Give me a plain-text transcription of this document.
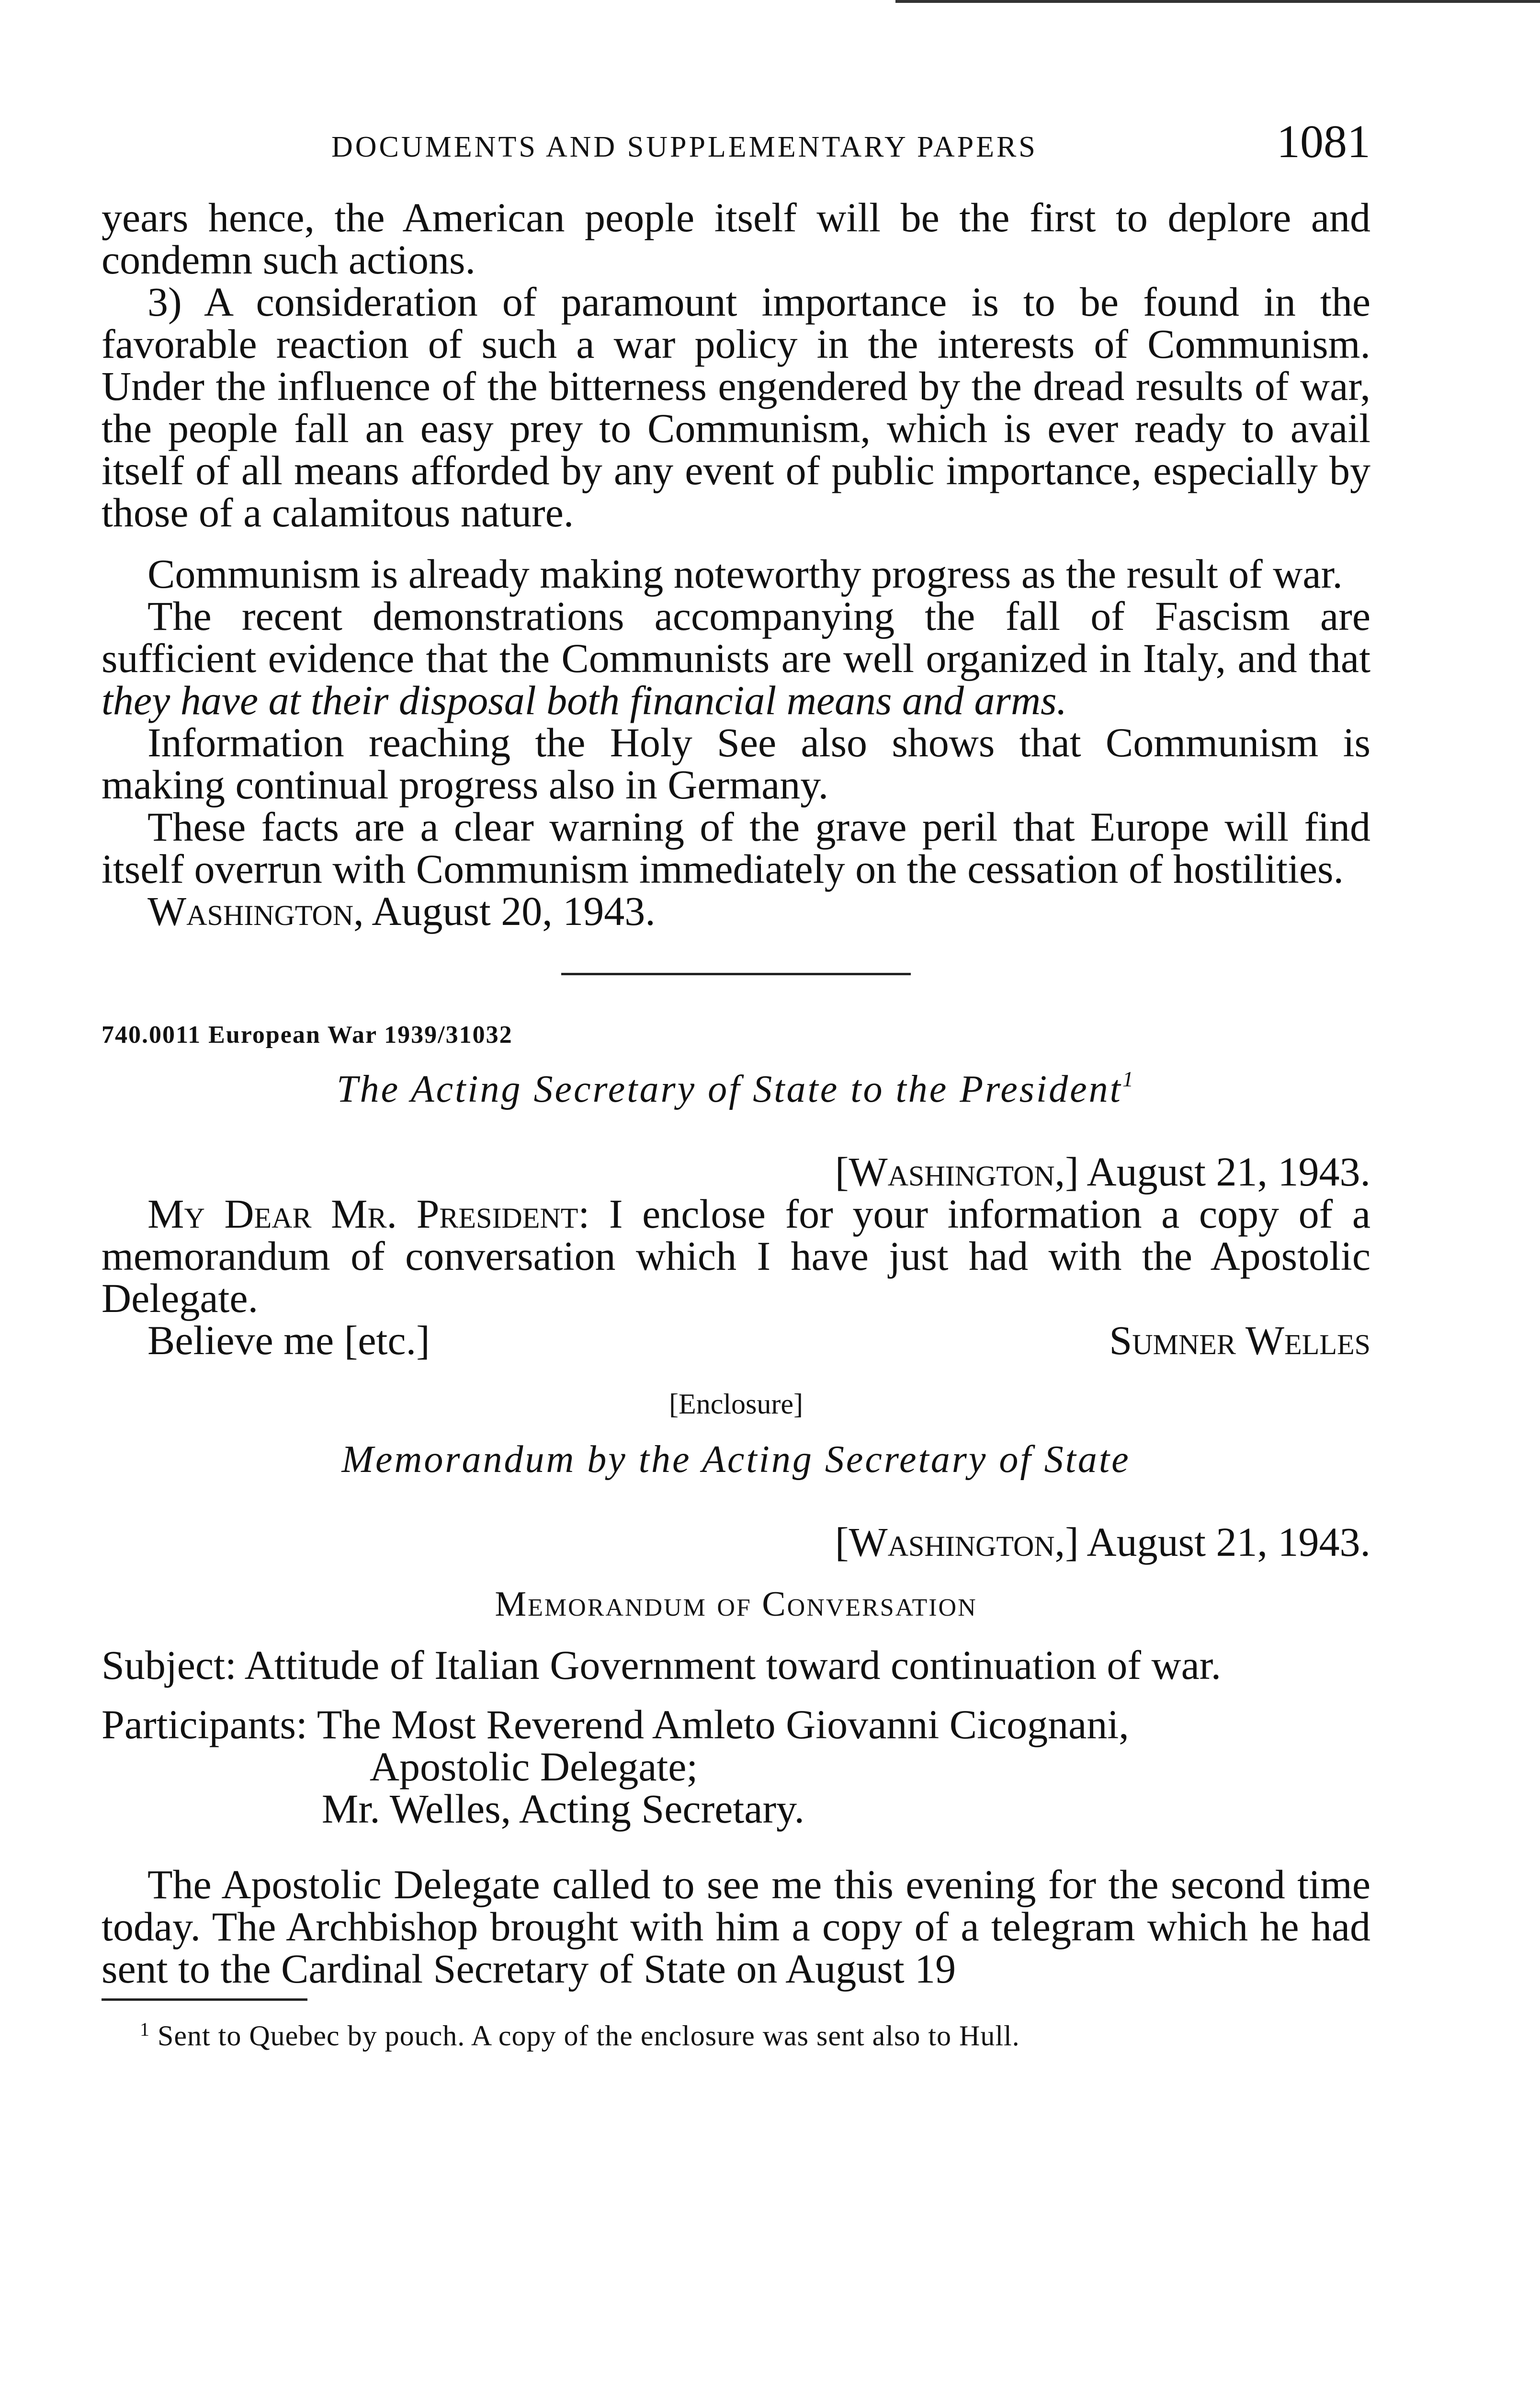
DOCUMENTS AND SUPPLEMENTARY PAPERS	1081

years hence, the American people itself will be the first to deplore and condemn such actions.

3) A consideration of paramount importance is to be found in the favorable reaction of such a war policy in the interests of Communism. Under the influence of the bitterness engendered by the dread results of war, the people fall an easy prey to Communism, which is ever ready to avail itself of all means afforded by any event of public importance, especially by those of a calamitous nature.

Communism is already making noteworthy progress as the result of war.

The recent demonstrations accompanying the fall of Fascism are sufficient evidence that the Communists are well organized in Italy, and that they have at their disposal both financial means and arms.

Information reaching the Holy See also shows that Communism is making continual progress also in Germany.

These facts are a clear warning of the grave peril that Europe will find itself overrun with Communism immediately on the cessation of hostilities.

Washington, August 20, 1943.

740.0011 European War 1939/31032
The Acting Secretary of State to the President$^1$

[Washington,] August 21, 1943.

My Dear Mr. President: I enclose for your information a copy of a memorandum of conversation which I have just had with the Apostolic Delegate.

Believe me [etc.]	Sumner Welles
[Enclosure]
Memorandum by the Acting Secretary of State

[Washington,] August 21, 1943.

Memorandum of Conversation

Subject: Attitude of Italian Government toward continuation of war.

Participants: The Most Reverend Amleto Giovanni Cicognani,
Apostolic Delegate;
Mr. Welles, Acting Secretary.

The Apostolic Delegate called to see me this evening for the second time today. The Archbishop brought with him a copy of a telegram which he had sent to the Cardinal Secretary of State on August 19

$^1$ Sent to Quebec by pouch. A copy of the enclosure was sent also to Hull.
